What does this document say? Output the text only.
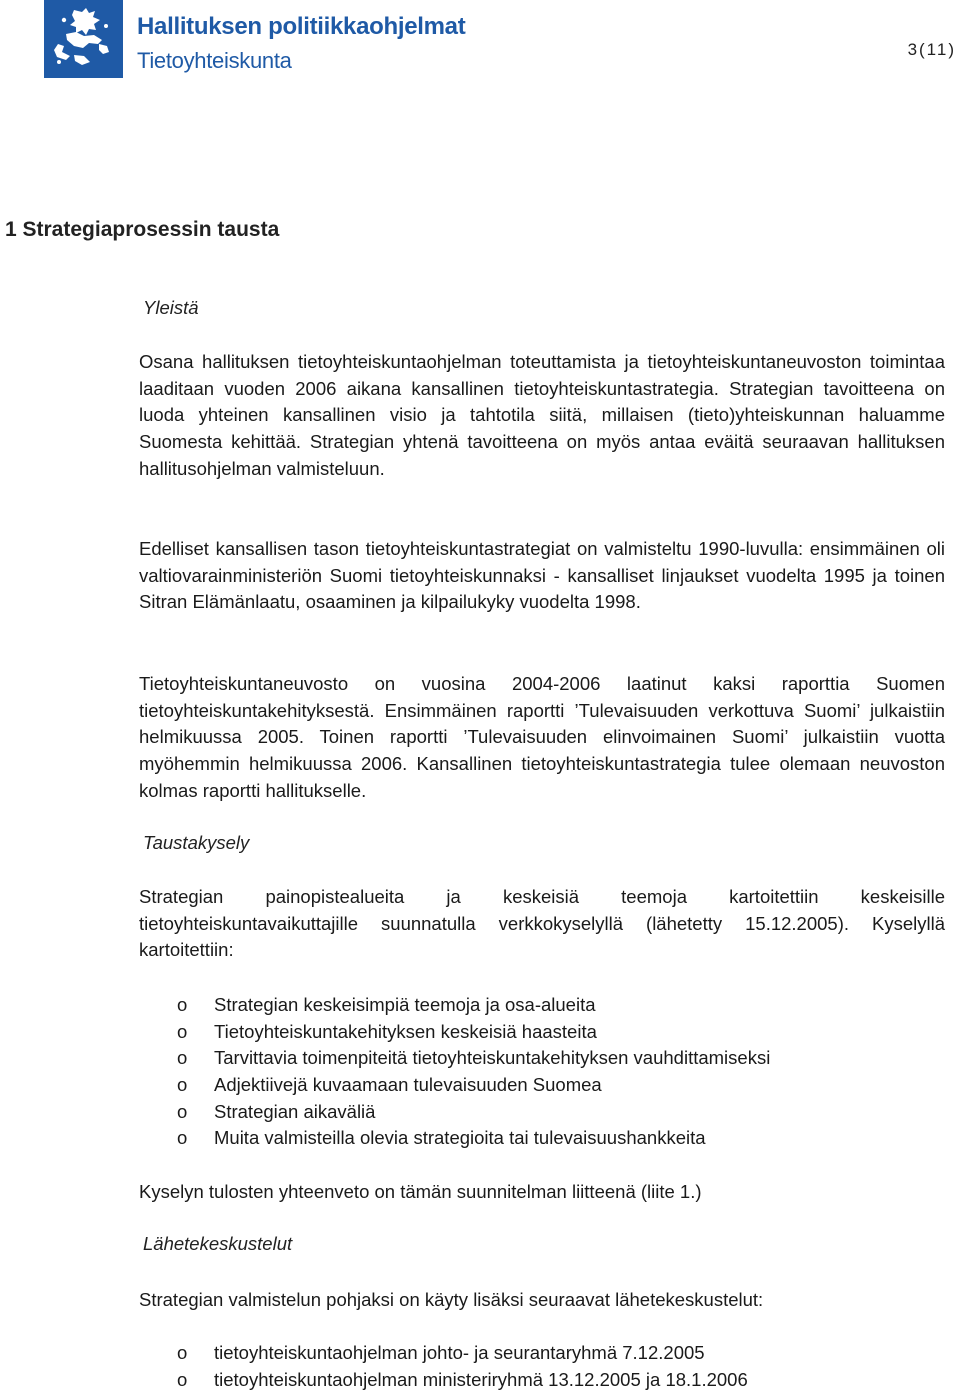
Hallituksen politiikkaohjelmat
Tietoyhteiskunta	3(11)
1 Strategiaprosessin tausta
Yleistä

Osana hallituksen tietoyhteiskuntaohjelman toteuttamista ja tietoyhteiskuntaneuvoston toimintaa laaditaan vuoden 2006 aikana kansallinen tietoyhteiskuntastrategia. Strategian tavoitteena on luoda yhteinen kansallinen visio ja tahtotila siitä, millaisen (tieto)yhteiskunnan haluamme Suomesta kehittää. Strategian yhtenä tavoitteena on myös antaa eväitä seuraavan hallituksen hallitusohjelman valmisteluun.

Edelliset kansallisen tason tietoyhteiskuntastrategiat on valmisteltu 1990-luvulla: ensimmäinen oli valtiovarainministeriön Suomi tietoyhteiskunnaksi - kansalliset linjaukset vuodelta 1995 ja toinen Sitran Elämänlaatu, osaaminen ja kilpailukyky vuodelta 1998.

Tietoyhteiskuntaneuvosto on vuosina 2004-2006 laatinut kaksi raporttia Suomen tietoyhteiskuntakehityksestä. Ensimmäinen raportti ’Tulevaisuuden verkottuva Suomi’ julkaistiin helmikuussa 2005. Toinen raportti ’Tulevaisuuden elinvoimainen Suomi’ julkaistiin vuotta myöhemmin helmikuussa 2006. Kansallinen tietoyhteiskuntastrategia tulee olemaan neuvoston kolmas raportti hallitukselle.

Taustakysely

Strategian painopistealueita ja keskeisiä teemoja kartoitettiin keskeisille tietoyhteiskuntavaikuttajille suunnatulla verkkokyselyllä (lähetetty 15.12.2005). Kyselyllä kartoitettiin:

o Strategian keskeisimpiä teemoja ja osa-alueita
o Tietoyhteiskuntakehityksen keskeisiä haasteita
o Tarvittavia toimenpiteitä tietoyhteiskuntakehityksen vauhdittamiseksi
o Adjektiivejä kuvaamaan tulevaisuuden Suomea
o Strategian aikaväliä
o Muita valmisteilla olevia strategioita tai tulevaisuushankkeita

Kyselyn tulosten yhteenveto on tämän suunnitelman liitteenä (liite 1.)

Lähetekeskustelut

Strategian valmistelun pohjaksi on käyty lisäksi seuraavat lähetekeskustelut:

o tietoyhteiskuntaohjelman johto- ja seurantaryhmä 7.12.2005
o tietoyhteiskuntaohjelman ministeriryhmä 13.12.2005 ja 18.1.2006
